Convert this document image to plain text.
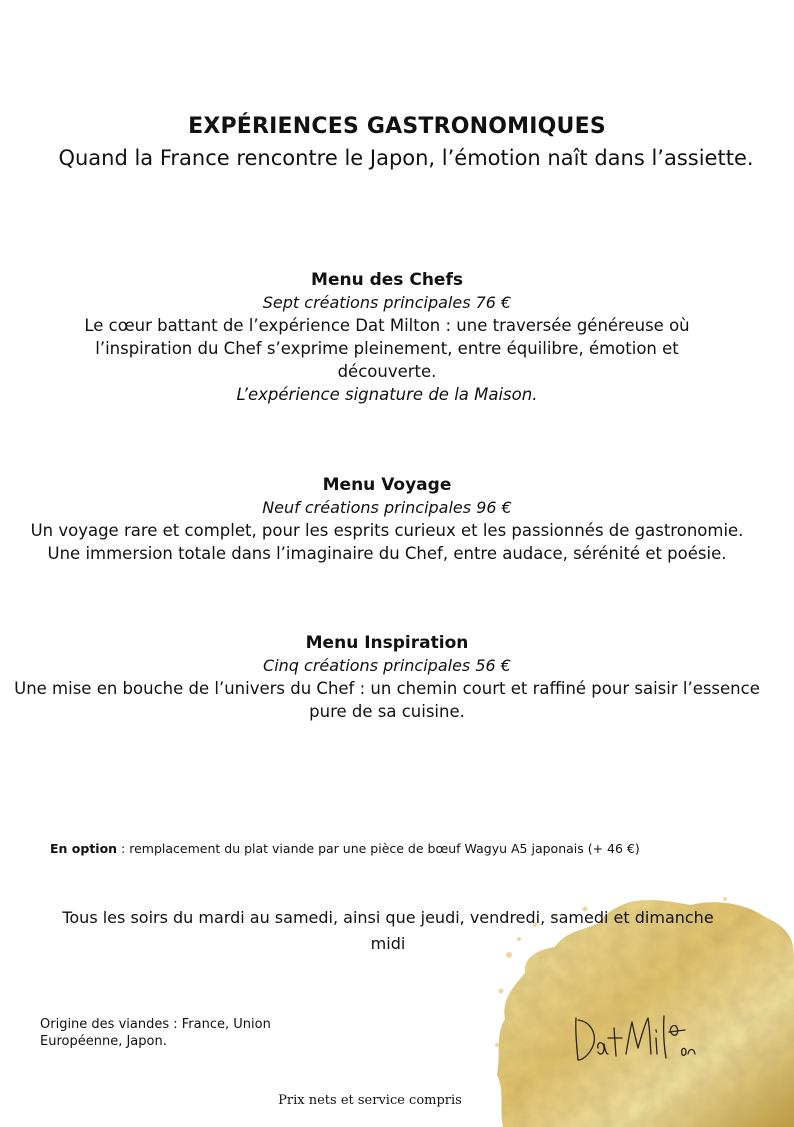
EXPÉRIENCES GASTRONOMIQUES
Quand la France rencontre le Japon, l’émotion naît dans l’assiette.
Menu des Chefs
Sept créations principales 76 €
Le cœur battant de l’expérience Dat Milton : une traversée généreuse où l’inspiration du Chef s’exprime pleinement, entre équilibre, émotion et découverte.
L’expérience signature de la Maison.
Menu Voyage
Neuf créations principales 96 €
Un voyage rare et complet, pour les esprits curieux et les passionnés de gastronomie. Une immersion totale dans l’imaginaire du Chef, entre audace, sérénité et poésie.
Menu Inspiration
Cinq créations principales 56 €
Une mise en bouche de l’univers du Chef : un chemin court et raffiné pour saisir l’essence pure de sa cuisine.
En option : remplacement du plat viande par une pièce de bœuf Wagyu A5 japonais (+ 46 €)
Tous les soirs du mardi au samedi, ainsi que jeudi, vendredi, samedi et dimanche midi
Origine des viandes : France, Union Européenne, Japon.
Prix nets et service compris
